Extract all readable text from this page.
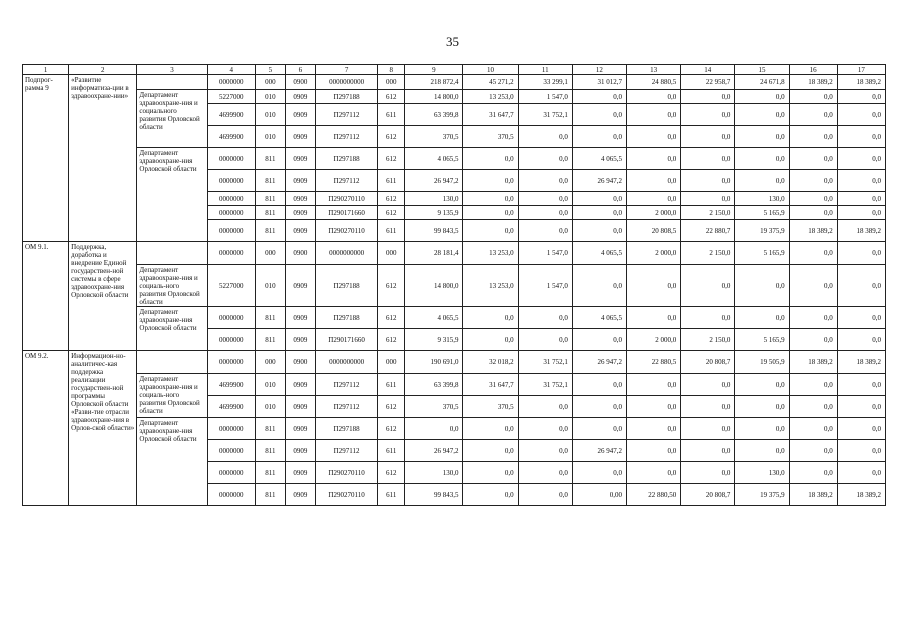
35
1	2	3	4	5	6	7	8	9	10	11	12	13	14	15	16	17
Подпрог-рамма 9	«Развитие информатиза-ции в здравоохране-нии»		0000000	000	0900	0000000000	000	218 872,4	45 271,2	33 299,1	31 012,7	24 880,5	22 958,7	24 671,8	18 389,2	18 389,2
		Департамент здравоохране-ния и социального развития Орловской области	5227000	010	0909	П297188	612	14 800,0	13 253,0	1 547,0	0,0	0,0	0,0	0,0	0,0	0,0
			4699900	010	0909	П297112	611	63 399,8	31 647,7	31 752,1	0,0	0,0	0,0	0,0	0,0	0,0
			4699900	010	0909	П297112	612	370,5	370,5	0,0	0,0	0,0	0,0	0,0	0,0	0,0
		Департамент здравоохране-ния Орловской области	0000000	811	0909	П297188	612	4 065,5	0,0	0,0	4 065,5	0,0	0,0	0,0	0,0	0,0
			0000000	811	0909	П297112	611	26 947,2	0,0	0,0	26 947,2	0,0	0,0	0,0	0,0	0,0
			0000000	811	0909	П290270110	612	130,0	0,0	0,0	0,0	0,0	0,0	130,0	0,0	0,0
			0000000	811	0909	П290171660	612	9 135,9	0,0	0,0	0,0	2 000,0	2 150,0	5 165,9	0,0	0,0
			0000000	811	0909	П290270110	611	99 843,5	0,0	0,0	0,0	20 808,5	22 880,7	19 375,9	18 389,2	18 389,2
ОМ 9.1.	Поддержка, доработка и внедрение Единой государствен-ной системы в сфере здравоохране-ния Орловской области		0000000	000	0900	0000000000	000	28 181,4	13 253,0	1 547,0	4 065,5	2 000,0	2 150,0	5 165,9	0,0	0,0
		Департамент здравоохране-ния и социаль-ного развития Орловской области	5227000	010	0909	П297188	612	14 800,0	13 253,0	1 547,0	0,0	0,0	0,0	0,0	0,0	0,0
		Департамент здравоохране-ния Орловской области	0000000	811	0909	П297188	612	4 065,5	0,0	0,0	4 065,5	0,0	0,0	0,0	0,0	0,0
			0000000	811	0909	П290171660	612	9 315,9	0,0	0,0	0,0	2 000,0	2 150,0	5 165,9	0,0	0,0
ОМ 9.2.	Информацион-но-аналитичес-кая поддержка реализации государствен-ной программы Орловской области «Разви-тие отрасли здравоохране-ния в Орлов-ской области»		0000000	000	0900	0000000000	000	190 691,0	32 018,2	31 752,1	26 947,2	22 880,5	20 808,7	19 505,9	18 389,2	18 389,2
		Департамент здравоохране-ния и социаль-ного развития Орловской области	4699900	010	0909	П297112	611	63 399,8	31 647,7	31 752,1	0,0	0,0	0,0	0,0	0,0	0,0
			4699900	010	0909	П297112	612	370,5	370,5	0,0	0,0	0,0	0,0	0,0	0,0	0,0
		Департамент здравоохране-ния Орловской области	0000000	811	0909	П297188	612	0,0	0,0	0,0	0,0	0,0	0,0	0,0	0,0	0,0
			0000000	811	0909	П297112	611	26 947,2	0,0	0,0	26 947,2	0,0	0,0	0,0	0,0	0,0
			0000000	811	0909	П290270110	612	130,0	0,0	0,0	0,0	0,0	0,0	130,0	0,0	0,0
			0000000	811	0909	П290270110	611	99 843,5	0,0	0,0	0,00	22 880,50	20 808,7	19 375,9	18 389,2	18 389,2
